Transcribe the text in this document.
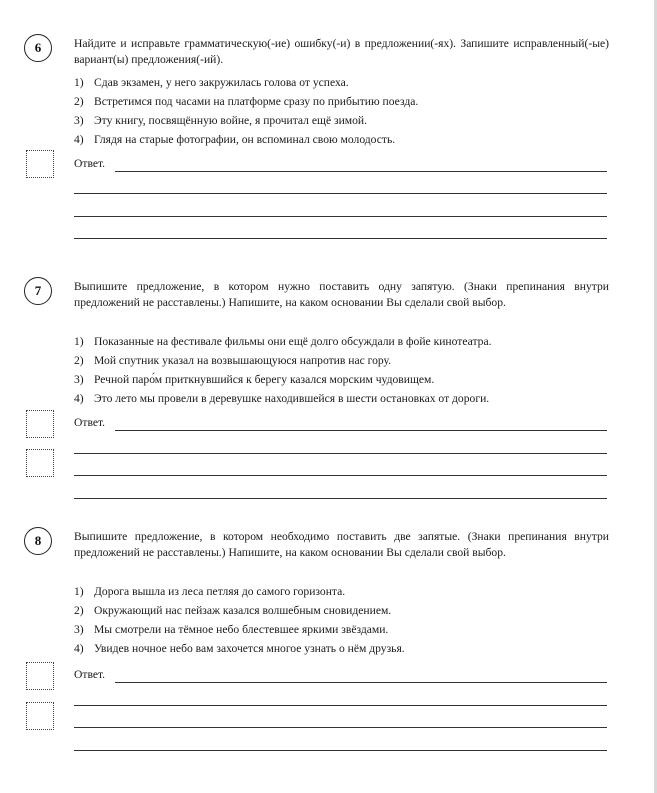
6	Найдите и исправьте грамматическую(-ие) ошибку(-и) в предложении(-ях). Запишите исправленный(-ые) вариант(ы) предложения(-ий).
1) Сдав экзамен, у него закружилась голова от успеха.
2) Встретимся под часами на платформе сразу по прибытию поезда.
3) Эту книгу, посвящённую войне, я прочитал ещё зимой.
4) Глядя на старые фотографии, он вспоминал свою молодость.
Ответ.
7	Выпишите предложение, в котором нужно поставить одну запятую. (Знаки препинания внутри предложений не расставлены.) Напишите, на каком основании Вы сделали свой выбор.
1) Показанные на фестивале фильмы они ещё долго обсуждали в фойе кинотеатра.
2) Мой спутник указал на возвышающуюся напротив нас гору.
3) Речной паро́м приткнувшийся к берегу казался морским чудовищем.
4) Это лето мы провели в деревушке находившейся в шести остановках от дороги.
Ответ.
8	Выпишите предложение, в котором необходимо поставить две запятые. (Знаки препинания внутри предложений не расставлены.) Напишите, на каком основании Вы сделали свой выбор.
1) Дорога вышла из леса петляя до самого горизонта.
2) Окружающий нас пейзаж казался волшебным сновидением.
3) Мы смотрели на тёмное небо блестевшее яркими звёздами.
4) Увидев ночное небо вам захочется многое узнать о нём друзья.
Ответ.
